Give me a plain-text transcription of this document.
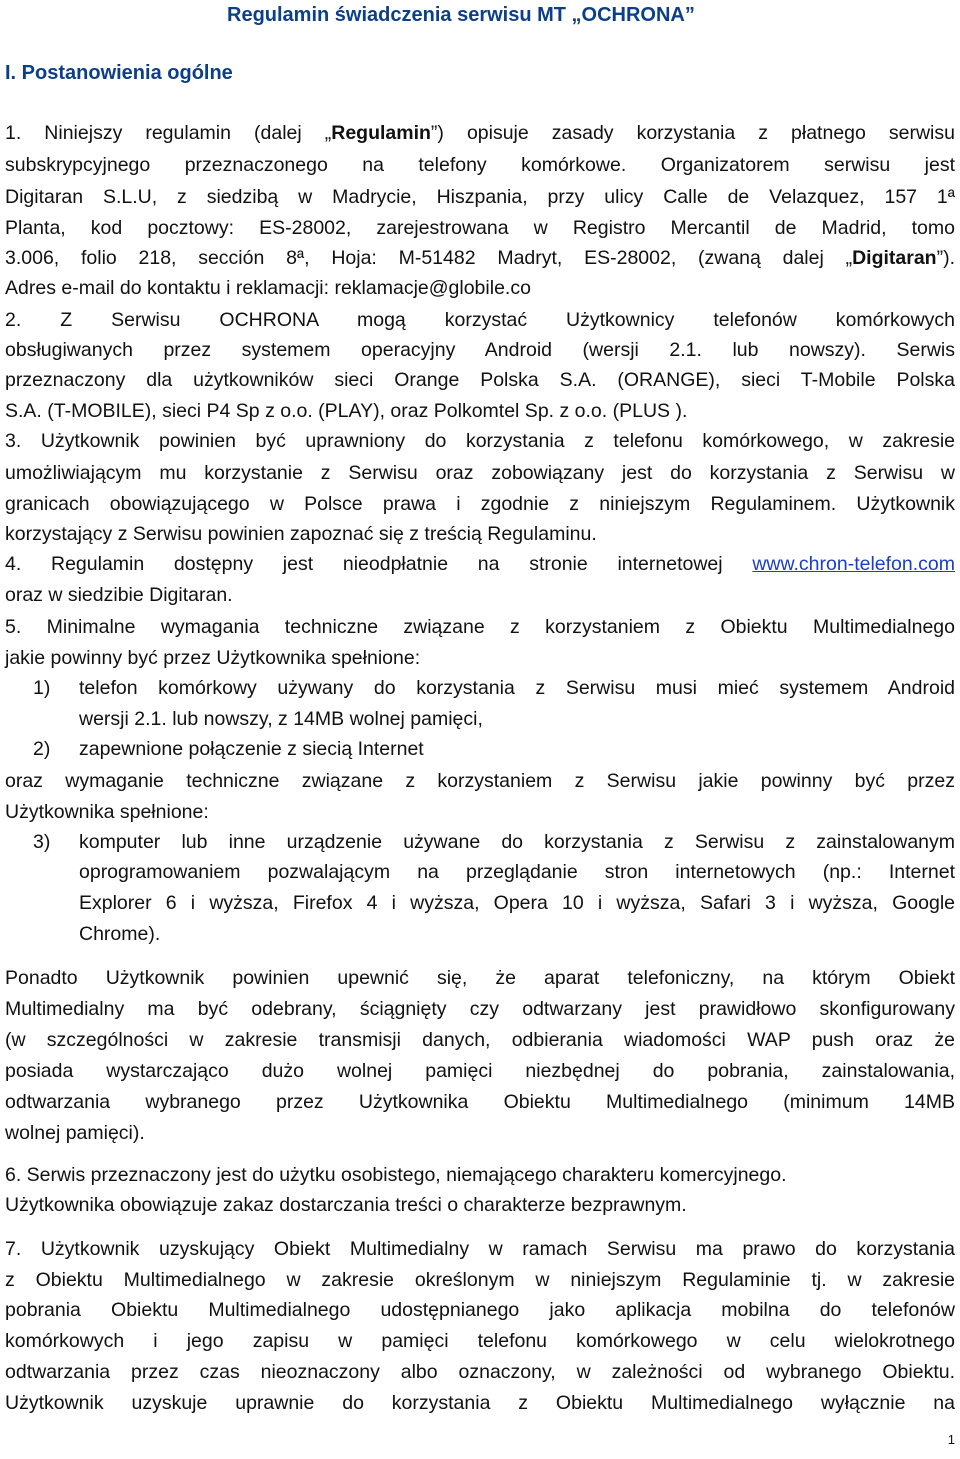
Regulamin świadczenia serwisu MT „OCHRONA”
I. Postanowienia ogólne
1. Niniejszy regulamin (dalej „Regulamin”) opisuje zasady korzystania z płatnego serwisu
subskrypcyjnego przeznaczonego na telefony komórkowe. Organizatorem serwisu jest
Digitaran S.L.U, z siedzibą w Madrycie, Hiszpania, przy ulicy Calle de Velazquez, 157 1ª
Planta, kod pocztowy: ES-28002, zarejestrowana w Registro Mercantil de Madrid, tomo
3.006, folio 218, sección 8ª, Hoja: M-51482 Madryt, ES-28002, (zwaną dalej „Digitaran”).
Adres e-mail do kontaktu i reklamacji: reklamacje@globile.co
2. Z Serwisu OCHRONA mogą korzystać Użytkownicy telefonów komórkowych
obsługiwanych przez systemem operacyjny Android (wersji 2.1. lub nowszy). Serwis
przeznaczony dla użytkowników sieci Orange Polska S.A. (ORANGE), sieci T-Mobile Polska
S.A. (T-MOBILE), sieci P4 Sp z o.o. (PLAY), oraz Polkomtel Sp. z o.o. (PLUS ).
3. Użytkownik powinien być uprawniony do korzystania z telefonu komórkowego, w zakresie
umożliwiającym mu korzystanie z Serwisu oraz zobowiązany jest do korzystania z Serwisu w
granicach obowiązującego w Polsce prawa i zgodnie z niniejszym Regulaminem. Użytkownik
korzystający z Serwisu powinien zapoznać się z treścią Regulaminu.
4. Regulamin dostępny jest nieodpłatnie na stronie internetowej www.chron-telefon.com
oraz w siedzibie Digitaran.
5. Minimalne wymagania techniczne związane z korzystaniem z Obiektu Multimedialnego
jakie powinny być przez Użytkownika spełnione:
1) telefon komórkowy używany do korzystania z Serwisu musi mieć systemem Android
wersji 2.1. lub nowszy, z 14MB wolnej pamięci,
2) zapewnione połączenie z siecią Internet
oraz wymaganie techniczne związane z korzystaniem z Serwisu jakie powinny być przez
Użytkownika spełnione:
3) komputer lub inne urządzenie używane do korzystania z Serwisu z zainstalowanym
oprogramowaniem pozwalającym na przeglądanie stron internetowych (np.: Internet
Explorer 6 i wyższa, Firefox 4 i wyższa, Opera 10 i wyższa, Safari 3 i wyższa, Google
Chrome).
Ponadto Użytkownik powinien upewnić się, że aparat telefoniczny, na którym Obiekt
Multimedialny ma być odebrany, ściągnięty czy odtwarzany jest prawidłowo skonfigurowany
(w szczególności w zakresie transmisji danych, odbierania wiadomości WAP push oraz że
posiada wystarczająco dużo wolnej pamięci niezbędnej do pobrania, zainstalowania,
odtwarzania wybranego przez Użytkownika Obiektu Multimedialnego (minimum 14MB
wolnej pamięci).
6. Serwis przeznaczony jest do użytku osobistego, niemającego charakteru komercyjnego.
Użytkownika obowiązuje zakaz dostarczania treści o charakterze bezprawnym.
7. Użytkownik uzyskujący Obiekt Multimedialny w ramach Serwisu ma prawo do korzystania
z Obiektu Multimedialnego w zakresie określonym w niniejszym Regulaminie tj. w zakresie
pobrania Obiektu Multimedialnego udostępnianego jako aplikacja mobilna do telefonów
komórkowych i jego zapisu w pamięci telefonu komórkowego w celu wielokrotnego
odtwarzania przez czas nieoznaczony albo oznaczony, w zależności od wybranego Obiektu.
Użytkownik uzyskuje uprawnie do korzystania z Obiektu Multimedialnego wyłącznie na
1
